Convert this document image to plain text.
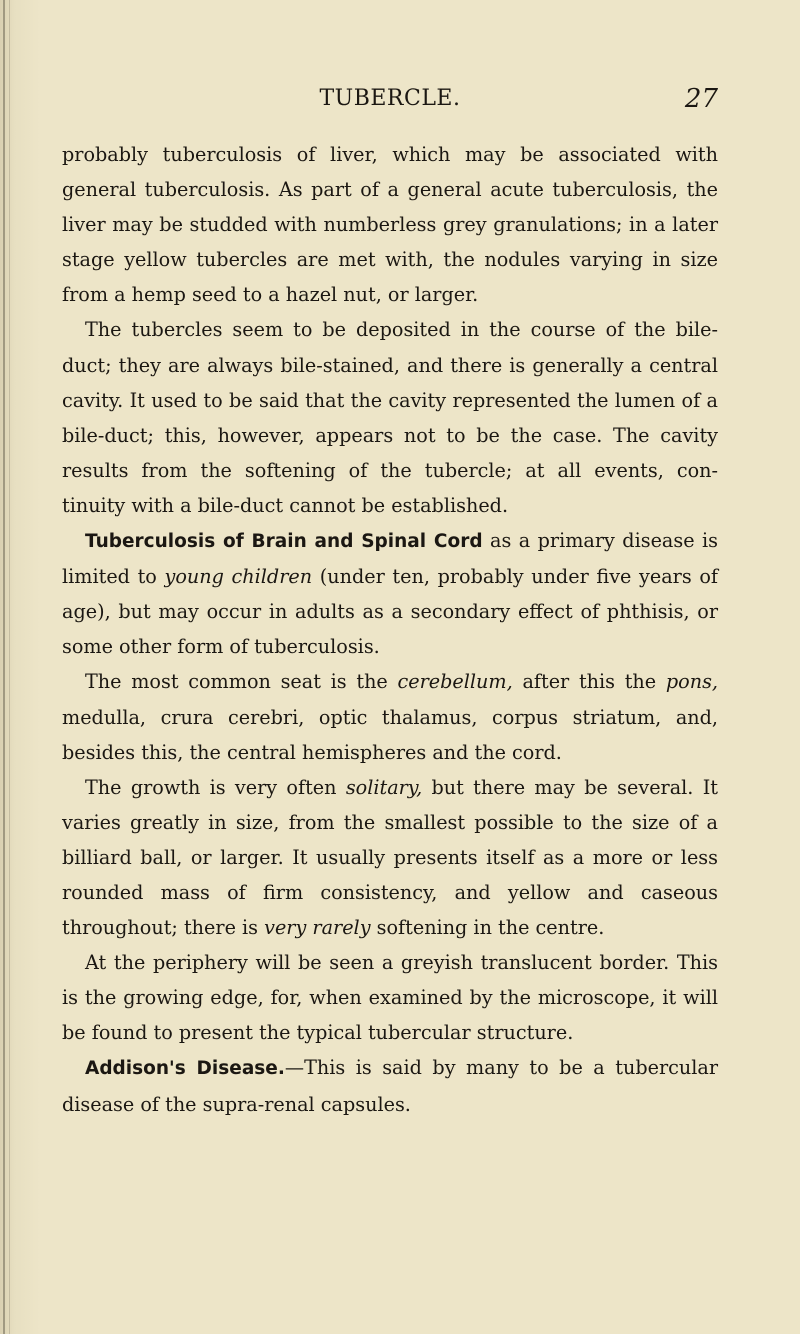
TUBERCLE.	27

probably tuberculosis of liver, which may be associated with general tuberculosis. As part of a general acute tuberculosis, the liver may be studded with numberless grey granulations; in a later stage yellow tubercles are met with, the nodules varying in size from a hemp seed to a hazel nut, or larger.

The tubercles seem to be deposited in the course of the bile-duct; they are always bile-stained, and there is generally a central cavity. It used to be said that the cavity represented the lumen of a bile-duct; this, however, appears not to be the case. The cavity results from the softening of the tubercle; at all events, con- tinuity with a bile-duct cannot be established.

Tuberculosis of Brain and Spinal Cord as a primary disease is limited to young children (under ten, probably under five years of age), but may occur in adults as a secondary effect of phthisis, or some other form of tuberculosis.

The most common seat is the cerebellum, after this the pons, medulla, crura cerebri, optic thalamus, corpus striatum, and, besides this, the central hemispheres and the cord.

The growth is very often solitary, but there may be several. It varies greatly in size, from the smallest possible to the size of a billiard ball, or larger. It usually presents itself as a more or less rounded mass of firm consistency, and yellow and caseous throughout; there is very rarely softening in the centre.

At the periphery will be seen a greyish translucent border. This is the growing edge, for, when examined by the microscope, it will be found to present the typical tubercular structure.

Addison's Disease.—This is said by many to be a tubercular disease of the supra-renal capsules.
